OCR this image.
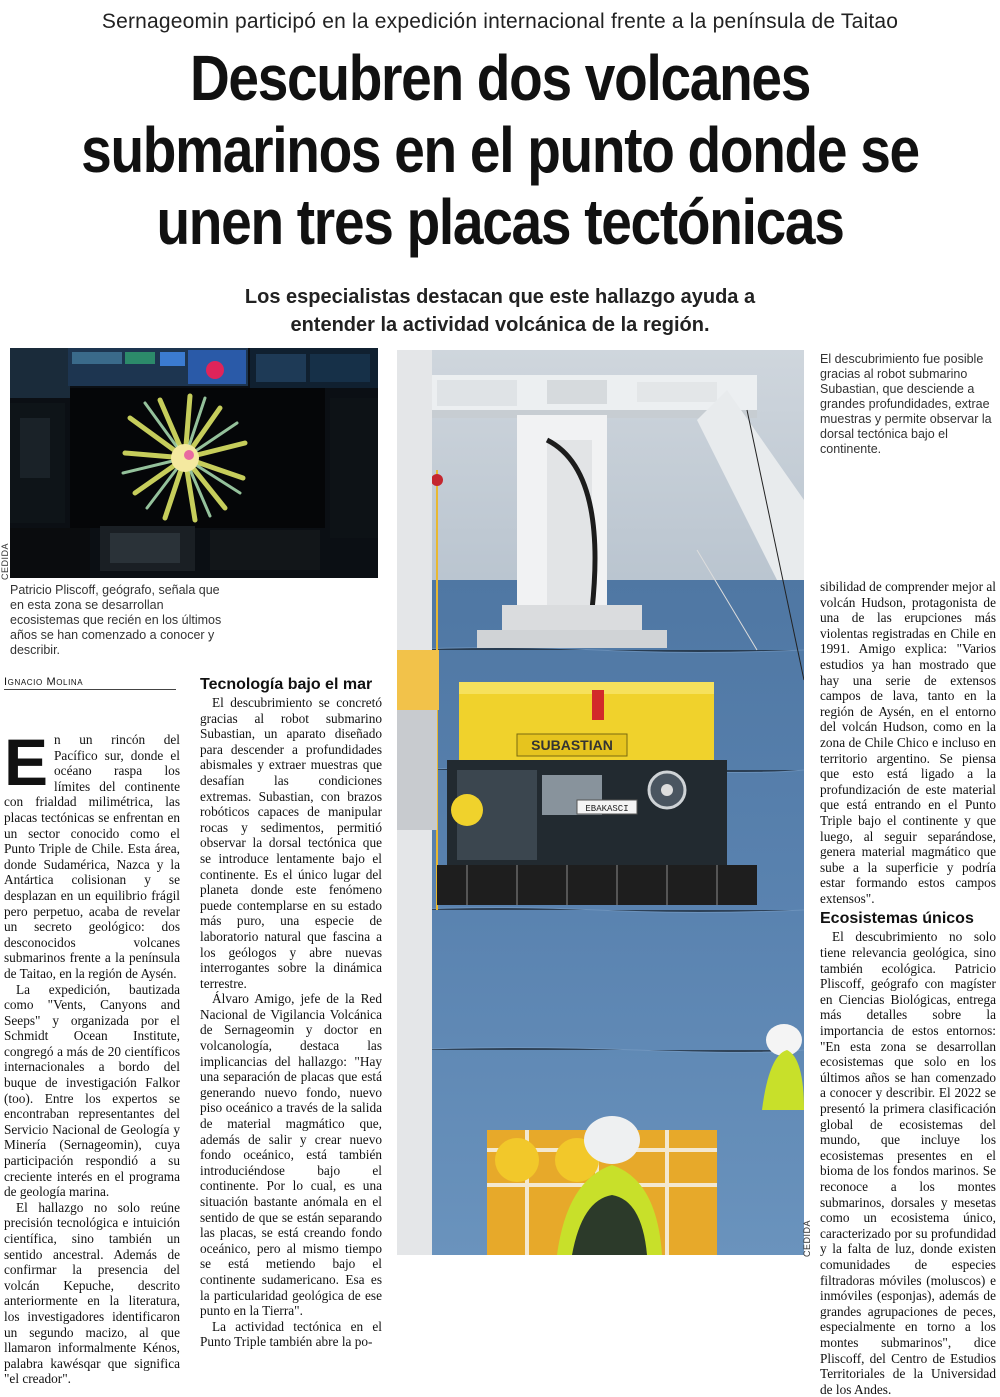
Sernageomin participó en la expedición internacional frente a la península de Taitao
Descubren dos volcanes
submarinos en el punto donde se
unen tres placas tectónicas
Los especialistas destacan que este hallazgo ayuda a
entender la actividad volcánica de la región.
CEDIDA
Patricio Pliscoff, geógrafo, señala que en esta zona se desarrollan ecosistemas que recién en los últimos años se han comenzado a conocer y describir.
SUBASTIAN
EBAKASCI
CEDIDA
El descubrimiento fue posible gracias al robot submarino Subastian, que desciende a grandes profundidades, extrae muestras y permite observar la dorsal tectónica bajo el continente.
Ignacio Molina

En un rincón del Pacífico sur, donde el océano raspa los límites del continente con frialdad milimétrica, las placas tectónicas se enfrentan en un sector conocido como el Punto Triple de Chile. Esta área, donde Sudamérica, Nazca y la Antártica colisionan y se desplazan en un equilibrio frágil pero perpetuo, acaba de revelar un secreto geológico: dos desconocidos volcanes submarinos frente a la península de Taitao, en la región de Aysén.

La expedición, bautizada como "Vents, Canyons and Seeps" y organizada por el Schmidt Ocean Institute, congregó a más de 20 científicos internacionales a bordo del buque de investigación Falkor (too). Entre los expertos se encontraban representantes del Servicio Nacional de Geología y Minería (Sernageomin), cuya participación respondió a su creciente interés en el programa de geología marina.

El hallazgo no solo reúne precisión tecnológica e intuición científica, sino también un sentido ancestral. Además de confirmar la presencia del volcán Kepuche, descrito anteriormente en la literatura, los investigadores identificaron un segundo macizo, al que llamaron informalmente Kénos, palabra kawésqar que significa "el creador".

Tecnología bajo el mar

El descubrimiento se concretó gracias al robot submarino Subastian, un aparato diseñado para descender a profundidades abismales y extraer muestras que desafían las condiciones extremas. Subastian, con brazos robóticos capaces de manipular rocas y sedimentos, permitió observar la dorsal tectónica que se introduce lentamente bajo el continente. Es el único lugar del planeta donde este fenómeno puede contemplarse en su estado más puro, una especie de laboratorio natural que fascina a los geólogos y abre nuevas interrogantes sobre la dinámica terrestre.

Álvaro Amigo, jefe de la Red Nacional de Vigilancia Volcánica de Sernageomin y doctor en volcanología, destaca las implicancias del hallazgo: "Hay una separación de placas que está generando nuevo fondo, nuevo piso oceánico a través de la salida de material magmático que, además de salir y crear nuevo fondo oceánico, está también introduciéndose bajo el continente. Por lo cual, es una situación bastante anómala en el sentido de que se están separando las placas, se está creando fondo oceánico, pero al mismo tiempo se está metiendo bajo el continente sudamericano. Esa es la particularidad geológica de ese punto en la Tierra".

La actividad tectónica en el Punto Triple también abre la po-

sibilidad de comprender mejor al volcán Hudson, protagonista de una de las erupciones más violentas registradas en Chile en 1991. Amigo explica: "Varios estudios ya han mostrado que hay una serie de extensos campos de lava, tanto en la región de Aysén, en el entorno del volcán Hudson, como en la zona de Chile Chico e incluso en territorio argentino. Se piensa que esto está ligado a la profundización de este material que está entrando en el Punto Triple bajo el continente y que luego, al seguir separándose, genera material magmático que sube a la superficie y podría estar formando estos campos extensos".

Ecosistemas únicos

El descubrimiento no solo tiene relevancia geológica, sino también ecológica. Patricio Pliscoff, geógrafo con magíster en Ciencias Biológicas, entrega más detalles sobre la importancia de estos entornos: "En esta zona se desarrollan ecosistemas que solo en los últimos años se han comenzado a conocer y describir. El 2022 se presentó la primera clasificación global de ecosistemas del mundo, que incluye los ecosistemas presentes en el bioma de los fondos marinos. Se reconoce a los montes submarinos, dorsales y mesetas como un ecosistema único, caracterizado por su profundidad y la falta de luz, donde existen comunidades de especies filtradoras móviles (moluscos) e inmóviles (esponjas), además de grandes agrupaciones de peces, especialmente en torno a los montes submarinos", dice Pliscoff, del Centro de Estudios Territoriales de la Universidad de los Andes.
